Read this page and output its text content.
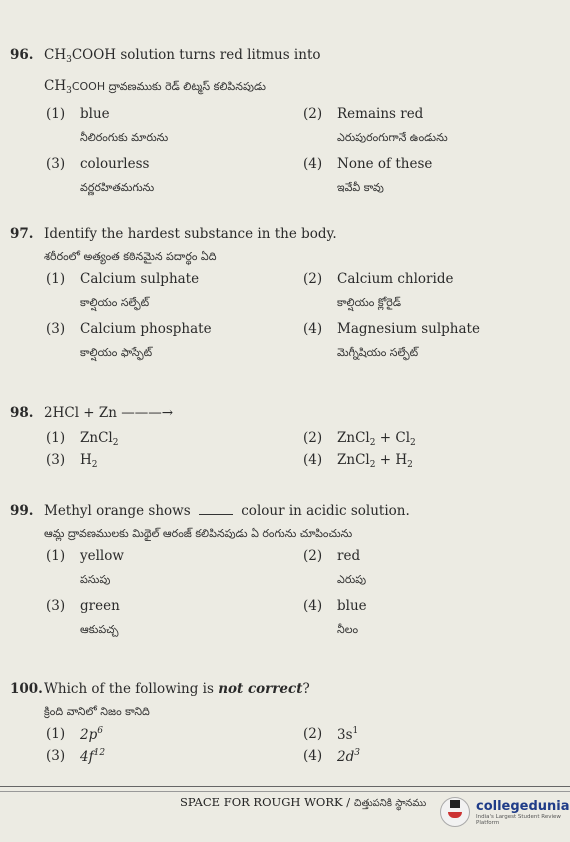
96. $CH_3COOH$ solution turns red litmus into
$CH_3COOH$ ద్రావణముకు రెడ్ లిట్మస్ కలిపినపుడు
(1)	blue	(2)	Remains red
నీలిరంగుకు మారును	ఎరుపురంగుగానే ఉండును
(3)	colourless	(4)	None of these
వర్ణరహితమగును	ఇవేవీ కావు
97. Identify the hardest substance in the body.
శరీరంలో అత్యంత కఠినమైన పదార్థం ఏది
(1)	Calcium sulphate	(2)	Calcium chloride
కాల్షియం సల్ఫేట్	కాల్షియం క్లోరైడ్
(3)	Calcium phosphate	(4)	Magnesium sulphate
కాల్షియం ఫాస్ఫేట్	మెగ్నీషియం సల్ఫేట్
98. 2HCl + Zn ———→
(1)	ZnCl$_2$	(2)	ZnCl$_2$ + $Cl_2$
(3)	$H_2$	(4)	ZnCl$_2$ + $H_2$
99. Methyl orange shows	colour in acidic solution.
ఆమ్ల ద్రావణములకు మిథైల్ ఆరంజ్ కలిపినపుడు ఏ రంగును చూపించును
(1)	yellow	(2)	red
పసుపు	ఎరుపు
(3)	green	(4)	blue
ఆకుపచ్చ	నీలం
100. Which of the following is not correct?
క్రింది వానిలో నిజం కానిది
(1)	$2p^6$	(2)	$3s^1$
(3)	$4f^{12}$	(4)	$2d^3$
SPACE FOR ROUGH WORK / చిత్తుపనికి స్థానము	collegedunia
India's Largest Student Review Platform
